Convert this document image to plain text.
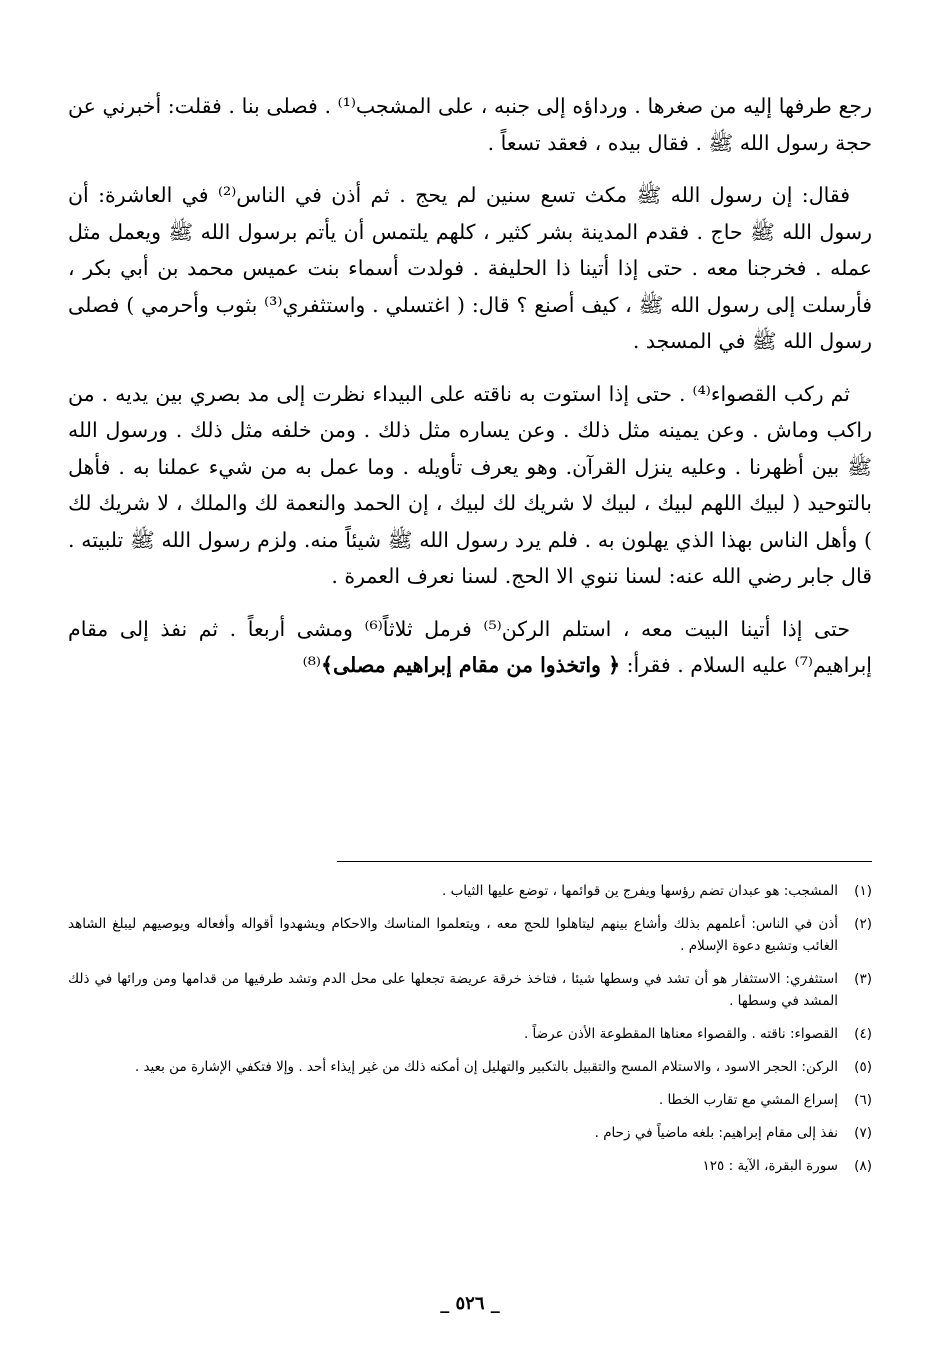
رجع طرفها إليه من صغرها . ورداؤه إلى جنبه ، على المشجب⁽¹⁾ . فصلى بنا . فقلت: أخبرني عن حجة رسول الله ﷺ . فقال بيده ، فعقد تسعاً .

فقال: إن رسول الله ﷺ مكث تسع سنين لم يحج . ثم أذن في الناس⁽²⁾ في العاشرة: أن رسول الله ﷺ حاج . فقدم المدينة بشر كثير ، كلهم يلتمس أن يأتم برسول الله ﷺ ويعمل مثل عمله . فخرجنا معه . حتى إذا أتينا ذا الحليفة . فولدت أسماء بنت عميس محمد بن أبي بكر ، فأرسلت إلى رسول الله ﷺ ، كيف أصنع ؟ قال: ( اغتسلي . واستثفري⁽³⁾ بثوب وأحرمي ) فصلى رسول الله ﷺ في المسجد .

ثم ركب القصواء⁽⁴⁾ . حتى إذا استوت به ناقته على البيداء نظرت إلى مد بصري بين يديه . من راكب وماش . وعن يمينه مثل ذلك . وعن يساره مثل ذلك . ومن خلفه مثل ذلك . ورسول الله ﷺ بين أظهرنا . وعليه ينزل القرآن. وهو يعرف تأويله . وما عمل به من شيء عملنا به . فأهل بالتوحيد ( لبيك اللهم لبيك ، لبيك لا شريك لك لبيك ، إن الحمد والنعمة لك والملك ، لا شريك لك ) وأهل الناس بهذا الذي يهلون به . فلم يرد رسول الله ﷺ شيئاً منه. ولزم رسول الله ﷺ تلبيته . قال جابر رضي الله عنه: لسنا ننوي الا الحج. لسنا نعرف العمرة .

حتى إذا أتينا البيت معه ، استلم الركن⁽⁵⁾ فرمل ثلاثاً⁽⁶⁾ ومشى أربعاً . ثم نفذ إلى مقام إبراهيم⁽⁷⁾ عليه السلام . فقرأ: ﴿ واتخذوا من مقام إبراهيم مصلى﴾⁽⁸⁾

(١)
المشجب: هو عبدان تضم رؤسها ويفرج ين قوائمها ، توضع عليها الثياب .
(٢)
أذن في الناس: أعلمهم بذلك وأشاع بينهم ليتاهلوا للحج معه ، ويتعلموا المناسك والاحكام ويشهدوا أقواله وأفعاله ويوصيهم ليبلغ الشاهد الغائب وتشيع دعوة الإسلام .
(٣)
استثفري: الاستثفار هو أن تشد في وسطها شيئا ، فتاخذ خرقة عريضة تجعلها على محل الدم وتشد طرفيها من قدامها ومن ورائها في ذلك المشد في وسطها .
(٤)
القصواء: ناقته . والقصواء معناها المقطوعة الأذن عرضاً .
(٥)
الركن: الحجر الاسود ، والاستلام المسح والتقبيل بالتكبير والتهليل إن أمكنه ذلك من غير إيذاء أحد . وإلا فتكفي الإشارة من بعيد .
(٦)
إسراع المشي مع تقارب الخطا .
(٧)
نفذ إلى مقام إبراهيم: بلغه ماضياً في زحام .
(٨)
سورة البقرة، الآية : ١٢٥
_ ٥٢٦ _
